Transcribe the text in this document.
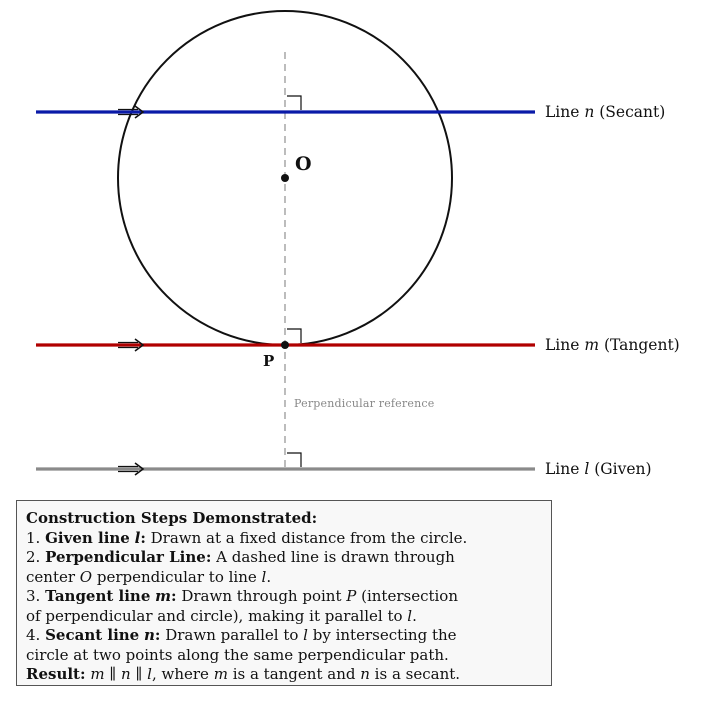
O
P
Perpendicular reference
Line n (Secant)
Line m (Tangent)
Line l (Given)
Construction Steps Demonstrated:
1. Given line l: Drawn at a fixed distance from the circle.
2. Perpendicular Line: A dashed line is drawn through
center O perpendicular to line l.
3. Tangent line m: Drawn through point P (intersection
of perpendicular and circle), making it parallel to l.
4. Secant line n: Drawn parallel to l by intersecting the
circle at two points along the same perpendicular path.
Result: m ∥ n ∥ l, where m is a tangent and n is a secant.
